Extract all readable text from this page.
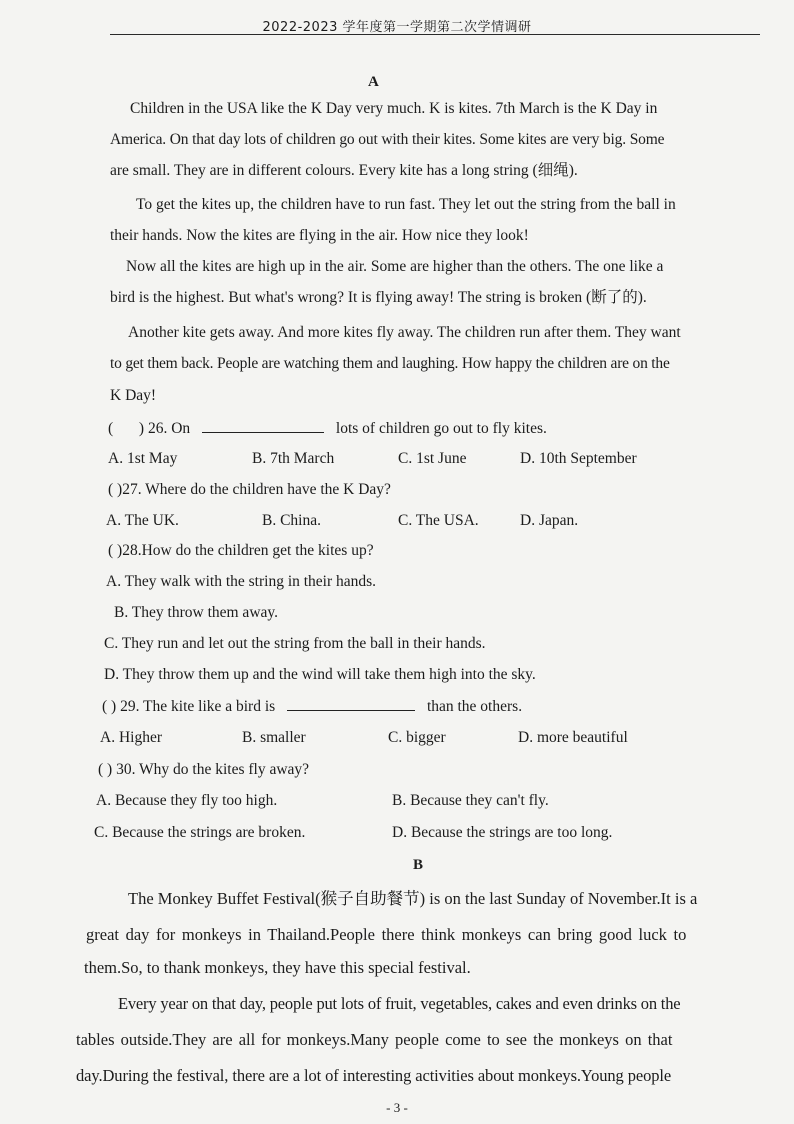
2022-2023 学年度第一学期第二次学情调研
A
Children in the USA like the K Day very much. K is kites. 7th March is the K Day in
America. On that day lots of children go out with their kites. Some kites are very big. Some
are small. They are in different colours. Every kite has a long string (细绳).
To get the kites up, the children have to run fast. They let out the string from the ball in
their hands. Now the kites are flying in the air. How nice they look!
Now all the kites are high up in the air. Some are higher than the others. The one like a
bird is the highest. But what's wrong? It is flying away! The string is broken (断了的).
Another kite gets away. And more kites fly away. The children run after them. They want
to get them back. People are watching them and laughing. How happy the children are on the
K Day!
( ) 26. On	lots of children go out to fly kites.
A. 1st May	B. 7th March	C. 1st June	D. 10th September
( )27. Where do the children have the K Day?
A. The UK.	B. China.	C. The USA.	D. Japan.
( )28.How do the children get the kites up?
A. They walk with the string in their hands.
B. They throw them away.
C. They run and let out the string from the ball in their hands.
D. They throw them up and the wind will take them high into the sky.
( ) 29. The kite like a bird is	than the others.
A. Higher	B. smaller	C. bigger	D. more beautiful
( ) 30. Why do the kites fly away?
A. Because they fly too high.	B. Because they can't fly.
C. Because the strings are broken.	D. Because the strings are too long.
B
The Monkey Buffet Festival(猴子自助餐节) is on the last Sunday of November.It is a
great day for monkeys in Thailand.People there think monkeys can bring good luck to
them.So, to thank monkeys, they have this special festival.
Every year on that day, people put lots of fruit, vegetables, cakes and even drinks on the
tables outside.They are all for monkeys.Many people come to see the monkeys on that
day.During the festival, there are a lot of interesting activities about monkeys.Young people
- 3 -
